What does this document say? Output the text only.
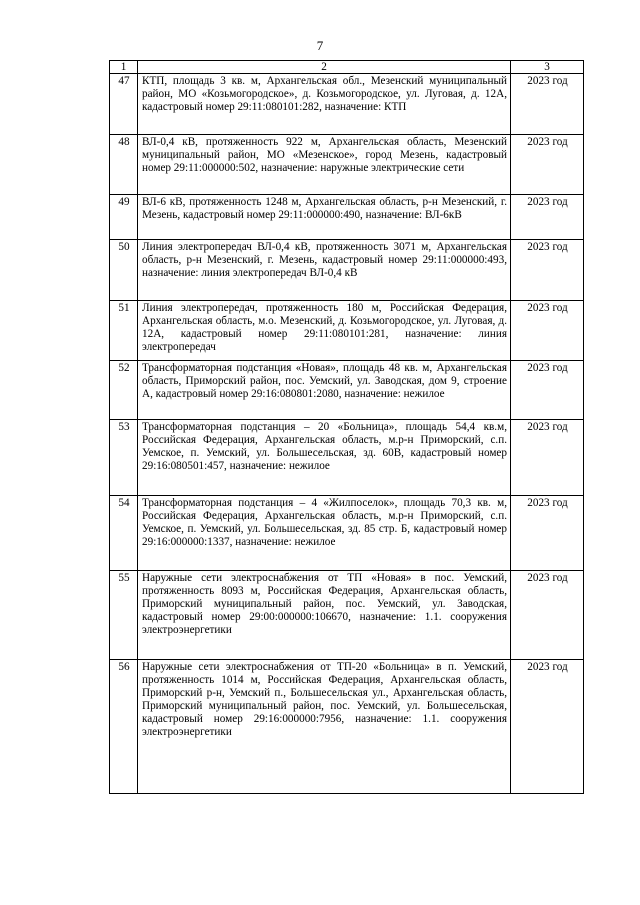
7
1	2	3
47	КТП, площадь 3 кв. м, Архангельская обл., Мезенский муниципальный район, МО «Козьмогородское», д. Козьмогородское, ул. Луговая, д. 12А, кадастровый номер 29:11:080101:282, назначение: КТП	2023 год
48	ВЛ-0,4 кВ, протяженность 922 м, Архангельская область, Мезенский муниципальный район, МО «Мезенское», город Мезень, кадастровый номер 29:11:000000:502, назначение: наружные электрические сети	2023 год
49	ВЛ-6 кВ, протяженность 1248 м, Архангельская область, р-н Мезенский, г. Мезень, кадастровый номер 29:11:000000:490, назначение: ВЛ-6кВ	2023 год
50	Линия электропередач ВЛ-0,4 кВ, протяженность 3071 м, Архангельская область, р-н Мезенский, г. Мезень, кадастровый номер 29:11:000000:493, назначение: линия электропередач ВЛ-0,4 кВ	2023 год
51	Линия электропередач, протяженность 180 м, Российская Федерация, Архангельская область, м.о. Мезенский, д. Козьмогородское, ул. Луговая, д. 12А, кадастровый номер 29:11:080101:281, назначение: линия электропередач	2023 год
52	Трансформаторная подстанция «Новая», площадь 48 кв. м, Архангельская область, Приморский район, пос. Уемский, ул. Заводская, дом 9, строение А, кадастровый номер 29:16:080801:2080, назначение: нежилое	2023 год
53	Трансформаторная подстанция – 20 «Больница», площадь 54,4 кв.м, Российская Федерация, Архангельская область, м.р-н Приморский, с.п. Уемское, п. Уемский, ул. Большесельская, зд. 60В, кадастровый номер 29:16:080501:457, назначение: нежилое	2023 год
54	Трансформаторная подстанция – 4 «Жилпоселок», площадь 70,3 кв. м, Российская Федерация, Архангельская область, м.р-н Приморский, с.п. Уемское, п. Уемский, ул. Большесельская, зд. 85 стр. Б, кадастровый номер 29:16:000000:1337, назначение: нежилое	2023 год
55	Наружные сети электроснабжения от ТП «Новая» в пос. Уемский, протяженность 8093 м, Российская Федерация, Архангельская область, Приморский муниципальный район, пос. Уемский, ул. Заводская, кадастровый номер 29:00:000000:106670, назначение: 1.1. сооружения электроэнергетики	2023 год
56	Наружные сети электроснабжения от ТП-20 «Больница» в п. Уемский, протяженность 1014 м, Российская Федерация, Архангельская область, Приморский р-н, Уемский п., Большесельская ул., Архангельская область, Приморский муниципальный район, пос. Уемский, ул. Большесельская, кадастровый номер 29:16:000000:7956, назначение: 1.1. сооружения электроэнергетики	2023 год
